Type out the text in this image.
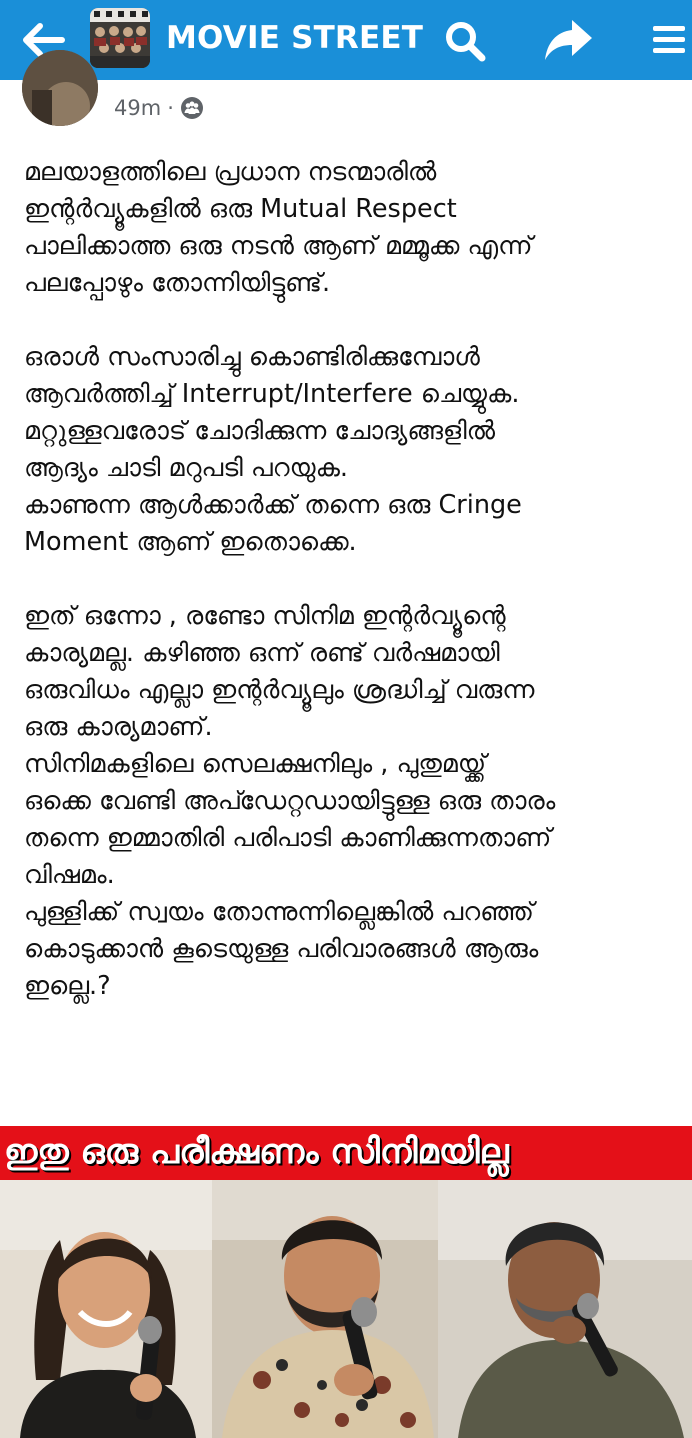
MOVIE STREET
49m ·

മലയാളത്തിലെ പ്രധാന നടന്മാരിൽ
ഇന്റർവ്യൂകളിൽ ഒരു Mutual Respect
പാലിക്കാത്ത ഒരു നടൻ ആണ് മമ്മൂക്ക എന്ന്
പലപ്പോഴും തോന്നിയിട്ടുണ്ട്.

ഒരാൾ സംസാരിച്ചു കൊണ്ടിരിക്കുമ്പോൾ
ആവർത്തിച്ച് Interrupt/Interfere ചെയ്യുക.
മറ്റുള്ളവരോട് ചോദിക്കുന്ന ചോദ്യങ്ങളിൽ
ആദ്യം ചാടി മറുപടി പറയുക.
കാണുന്ന ആൾക്കാർക്ക് തന്നെ ഒരു Cringe
Moment ആണ് ഇതൊക്കെ.

ഇത് ഒന്നോ , രണ്ടോ സിനിമ ഇന്റർവ്യൂന്റെ
കാര്യമല്ല. കഴിഞ്ഞ ഒന്ന് രണ്ട് വർഷമായി
ഒരുവിധം എല്ലാ ഇന്റർവ്യൂലും ശ്രദ്ധിച്ച് വരുന്ന
ഒരു കാര്യമാണ്.
സിനിമകളിലെ സെലക്ഷനിലും , പുതുമയ്ക്ക്
ഒക്കെ വേണ്ടി അപ്ഡേറ്റഡായിട്ടുള്ള ഒരു താരം
തന്നെ ഇമ്മാതിരി പരിപാടി കാണിക്കുന്നതാണ്
വിഷമം.
പുള്ളിക്ക് സ്വയം തോന്നുന്നില്ലെങ്കിൽ പറഞ്ഞ്
കൊടുക്കാൻ കൂടെയുള്ള പരിവാരങ്ങൾ ആരും
ഇല്ലെ.?

ഇതു ഒരു പരീക്ഷണം സിനിമയില്ല
